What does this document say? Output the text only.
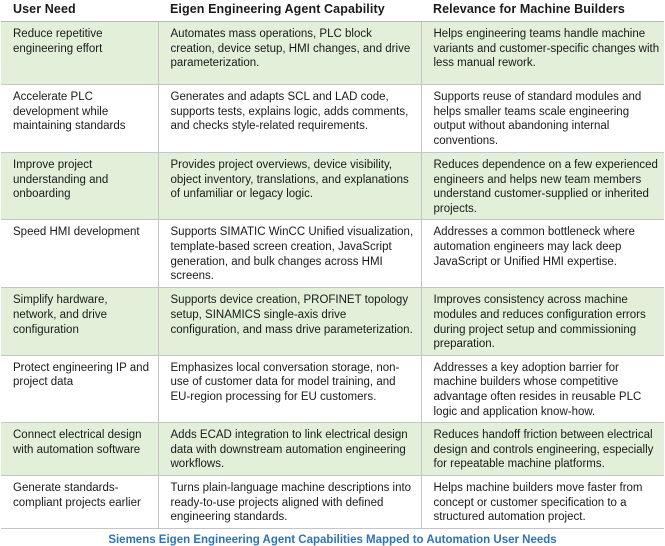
User Need	Eigen Engineering Agent Capability	Relevance for Machine Builders
Reduce repetitive engineering effort	Automates mass operations, PLC block creation, device setup, HMI changes, and drive parameterization.	Helps engineering teams handle machine variants and customer-specific changes with less manual rework.
Accelerate PLC development while maintaining standards	Generates and adapts SCL and LAD code, supports tests, explains logic, adds comments, and checks style-related requirements.	Supports reuse of standard modules and helps smaller teams scale engineering output without abandoning internal conventions.
Improve project understanding and onboarding	Provides project overviews, device visibility, object inventory, translations, and explanations of unfamiliar or legacy logic.	Reduces dependence on a few experienced engineers and helps new team members understand customer-supplied or inherited projects.
Speed HMI development	Supports SIMATIC WinCC Unified visualization, template-based screen creation, JavaScript generation, and bulk changes across HMI screens.	Addresses a common bottleneck where automation engineers may lack deep JavaScript or Unified HMI expertise.
Simplify hardware, network, and drive configuration	Supports device creation, PROFINET topology setup, SINAMICS single-axis drive configuration, and mass drive parameterization.	Improves consistency across machine modules and reduces configuration errors during project setup and commissioning preparation.
Protect engineering IP and project data	Emphasizes local conversation storage, non-use of customer data for model training, and EU-region processing for EU customers.	Addresses a key adoption barrier for machine builders whose competitive advantage often resides in reusable PLC logic and application know-how.
Connect electrical design with automation software	Adds ECAD integration to link electrical design data with downstream automation engineering workflows.	Reduces handoff friction between electrical design and controls engineering, especially for repeatable machine platforms.
Generate standards-compliant projects earlier	Turns plain-language machine descriptions into ready-to-use projects aligned with defined engineering standards.	Helps machine builders move faster from concept or customer specification to a structured automation project.
Siemens Eigen Engineering Agent Capabilities Mapped to Automation User Needs
